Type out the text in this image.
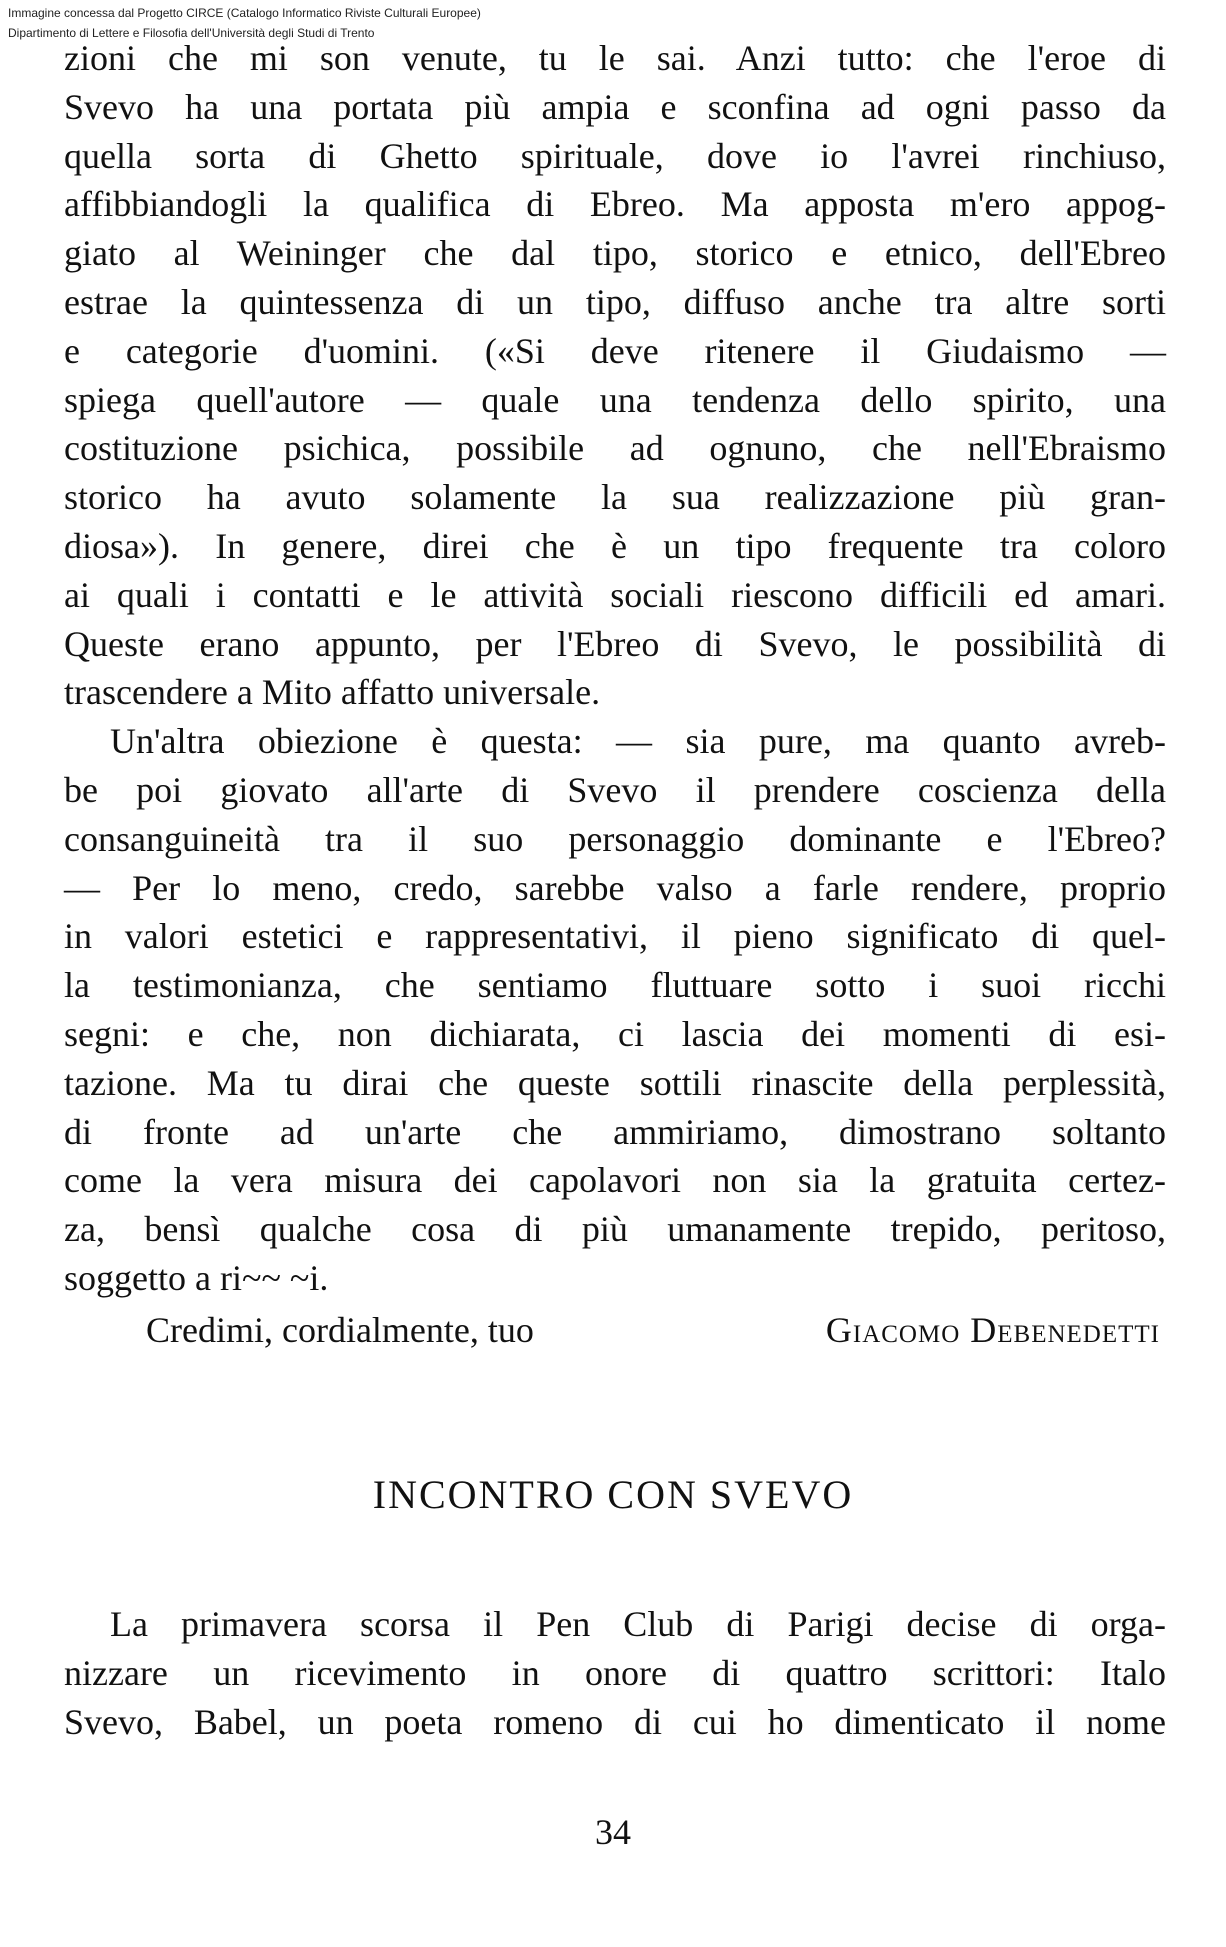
Immagine concessa dal Progetto CIRCE (Catalogo Informatico Riviste Culturali Europee)
Dipartimento di Lettere e Filosofia dell'Università degli Studi di Trento
zioni che mi son venute, tu le sai. Anzi tutto: che l'eroe di
Svevo ha una portata più ampia e sconfina ad ogni passo da
quella sorta di Ghetto spirituale, dove io l'avrei rinchiuso,
affibbiandogli la qualifica di Ebreo. Ma apposta m'ero appog-
giato al Weininger che dal tipo, storico e etnico, dell'Ebreo
estrae la quintessenza di un tipo, diffuso anche tra altre sorti
e categorie d'uomini. («Si deve ritenere il Giudaismo —
spiega quell'autore — quale una tendenza dello spirito, una
costituzione psichica, possibile ad ognuno, che nell'Ebraismo
storico ha avuto solamente la sua realizzazione più gran-
diosa»). In genere, direi che è un tipo frequente tra coloro
ai quali i contatti e le attività sociali riescono difficili ed amari.
Queste erano appunto, per l'Ebreo di Svevo, le possibilità di
trascendere a Mito affatto universale.
Un'altra obiezione è questa: — sia pure, ma quanto avreb-
be poi giovato all'arte di Svevo il prendere coscienza della
consanguineità tra il suo personaggio dominante e l'Ebreo?
— Per lo meno, credo, sarebbe valso a farle rendere, proprio
in valori estetici e rappresentativi, il pieno significato di quel-
la testimonianza, che sentiamo fluttuare sotto i suoi ricchi
segni: e che, non dichiarata, ci lascia dei momenti di esi-
tazione. Ma tu dirai che queste sottili rinascite della perplessità,
di fronte ad un'arte che ammiriamo, dimostrano soltanto
come la vera misura dei capolavori non sia la gratuita certez-
za, bensì qualche cosa di più umanamente trepido, peritoso,
soggetto a ri~~ ~i.
Credimi, cordialmente, tuo	Giacomo Debenedetti
INCONTRO CON SVEVO
La primavera scorsa il Pen Club di Parigi decise di orga-
nizzare un ricevimento in onore di quattro scrittori: Italo
Svevo, Babel, un poeta romeno di cui ho dimenticato il nome
34
